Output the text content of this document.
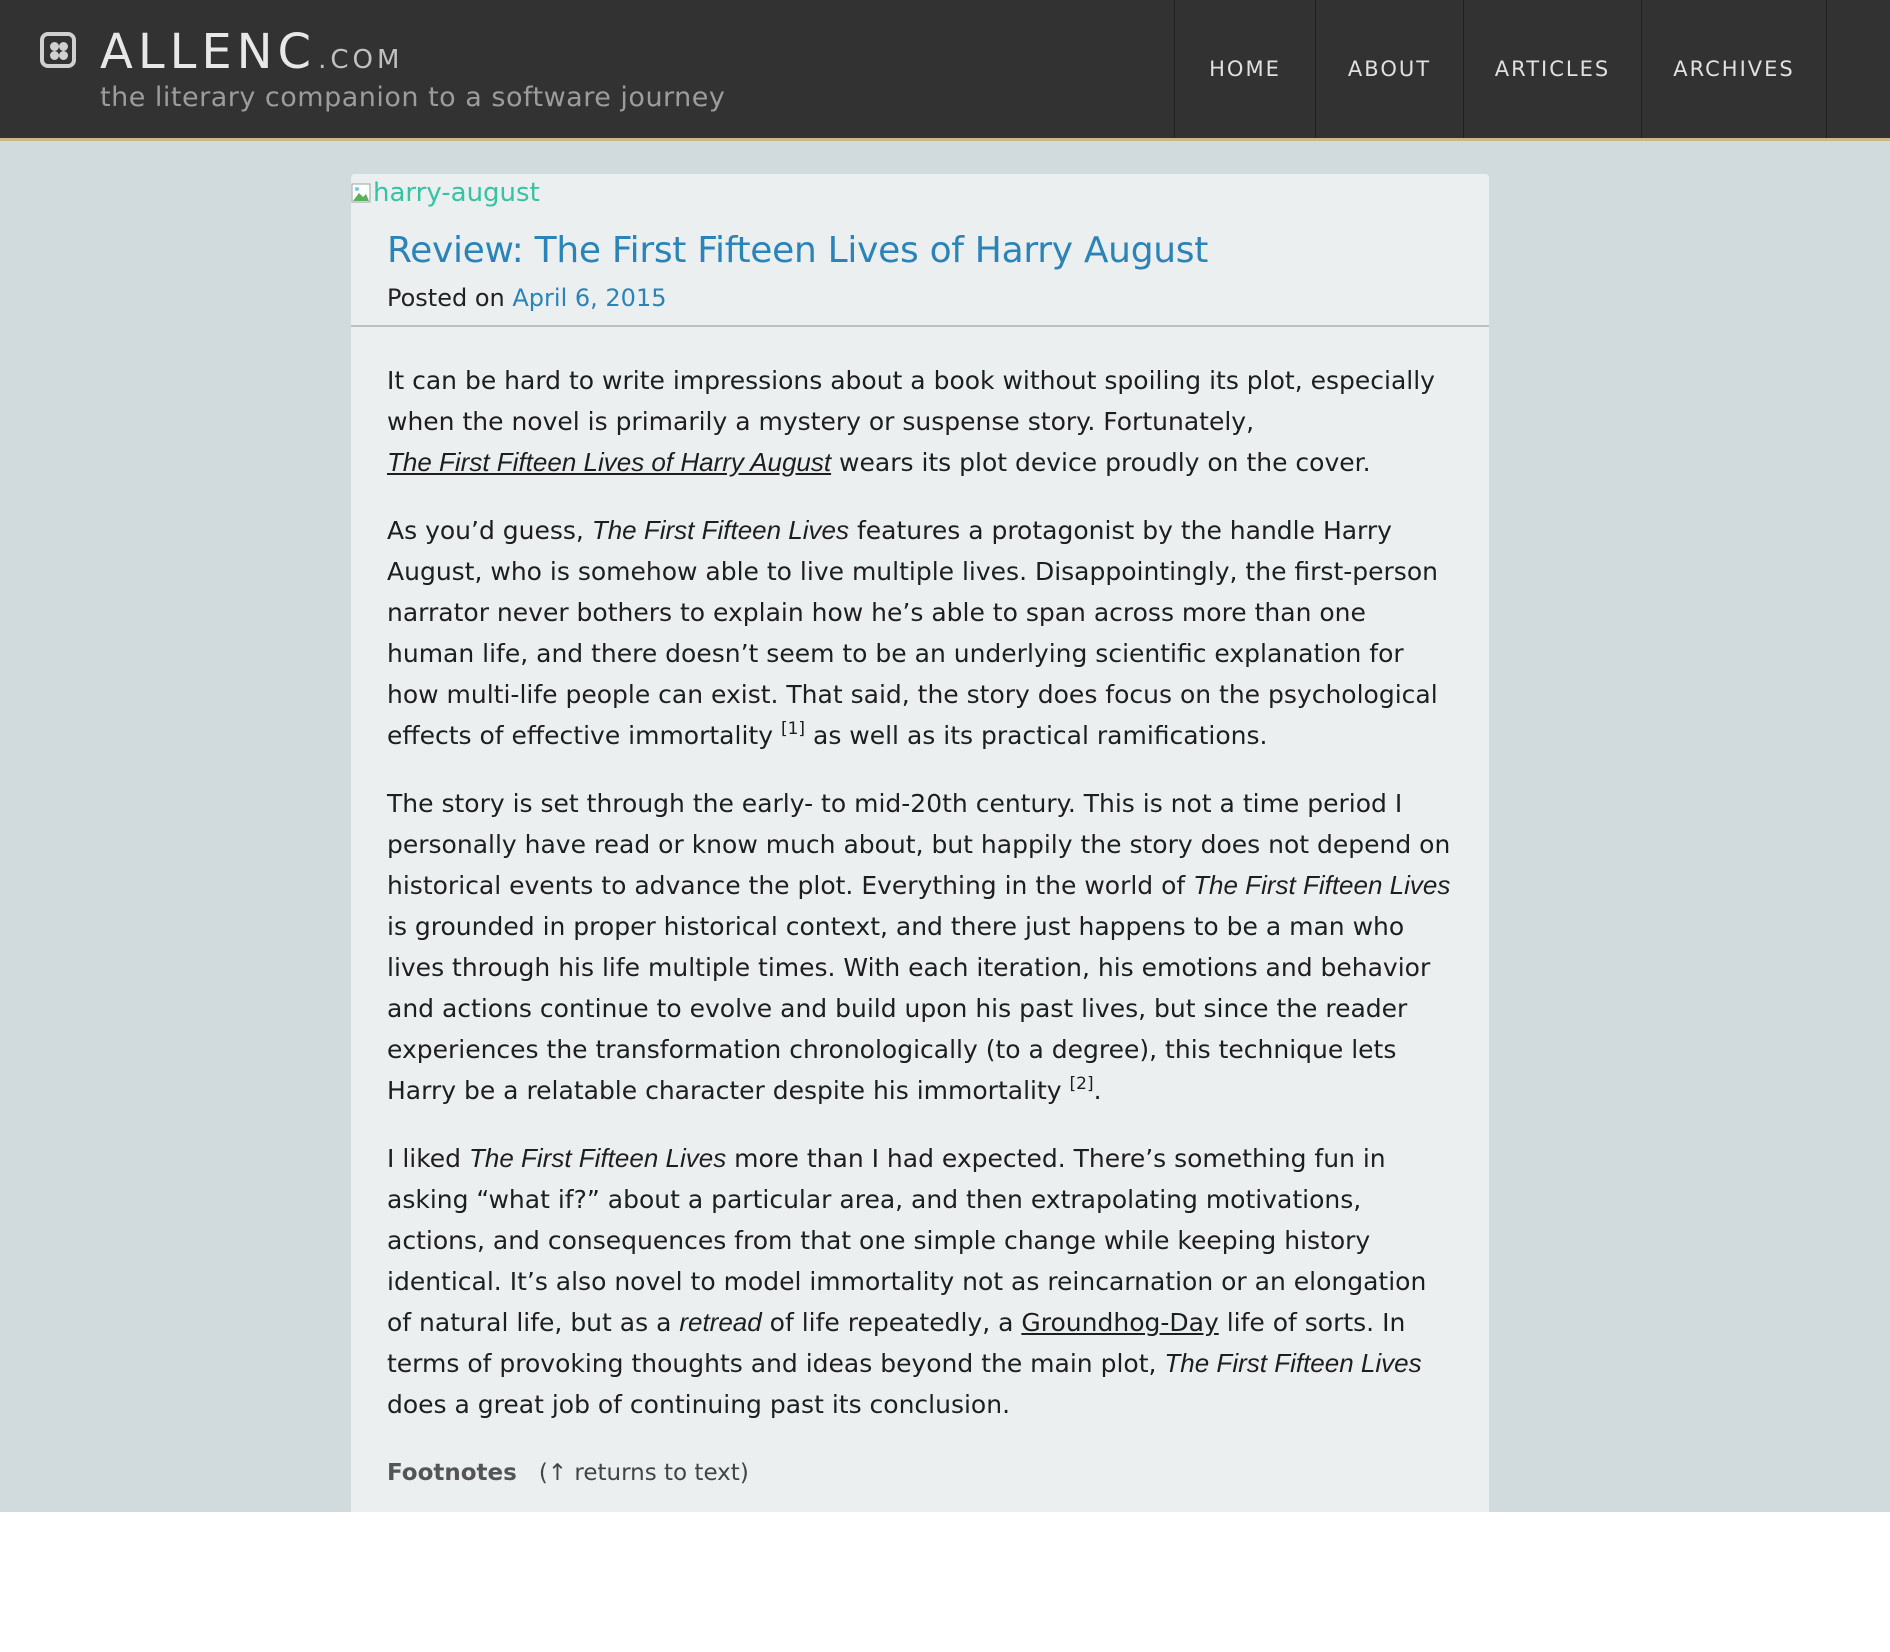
ALLENC.COM
the literary companion to a software journey
HOME	ABOUT	ARTICLES	ARCHIVES
harry-august
Review: The First Fifteen Lives of Harry August
Posted on April 6, 2015

It can be hard to write impressions about a book without spoiling its plot, especially when the novel is primarily a mystery or suspense story. Fortunately,
The First Fifteen Lives of Harry August wears its plot device proudly on the cover.

As you’d guess, The First Fifteen Lives features a protagonist by the handle Harry August, who is somehow able to live multiple lives. Disappointingly, the first-person narrator never bothers to explain how he’s able to span across more than one human life, and there doesn’t seem to be an underlying scientific explanation for how multi-life people can exist. That said, the story does focus on the psychological effects of effective immortality [1] as well as its practical ramifications.

The story is set through the early- to mid-20th century. This is not a time period I personally have read or know much about, but happily the story does not depend on historical events to advance the plot. Everything in the world of The First Fifteen Lives is grounded in proper historical context, and there just happens to be a man who lives through his life multiple times. With each iteration, his emotions and behavior and actions continue to evolve and build upon his past lives, but since the reader experiences the transformation chronologically (to a degree), this technique lets Harry be a relatable character despite his immortality [2].

I liked The First Fifteen Lives more than I had expected. There’s something fun in asking “what if?” about a particular area, and then extrapolating motivations, actions, and consequences from that one simple change while keeping history identical. It’s also novel to model immortality not as reincarnation or an elongation of natural life, but as a retread of life repeatedly, a Groundhog-Day life of sorts. In terms of provoking thoughts and ideas beyond the main plot, The First Fifteen Lives does a great job of continuing past its conclusion.

Footnotes (↑ returns to text)
